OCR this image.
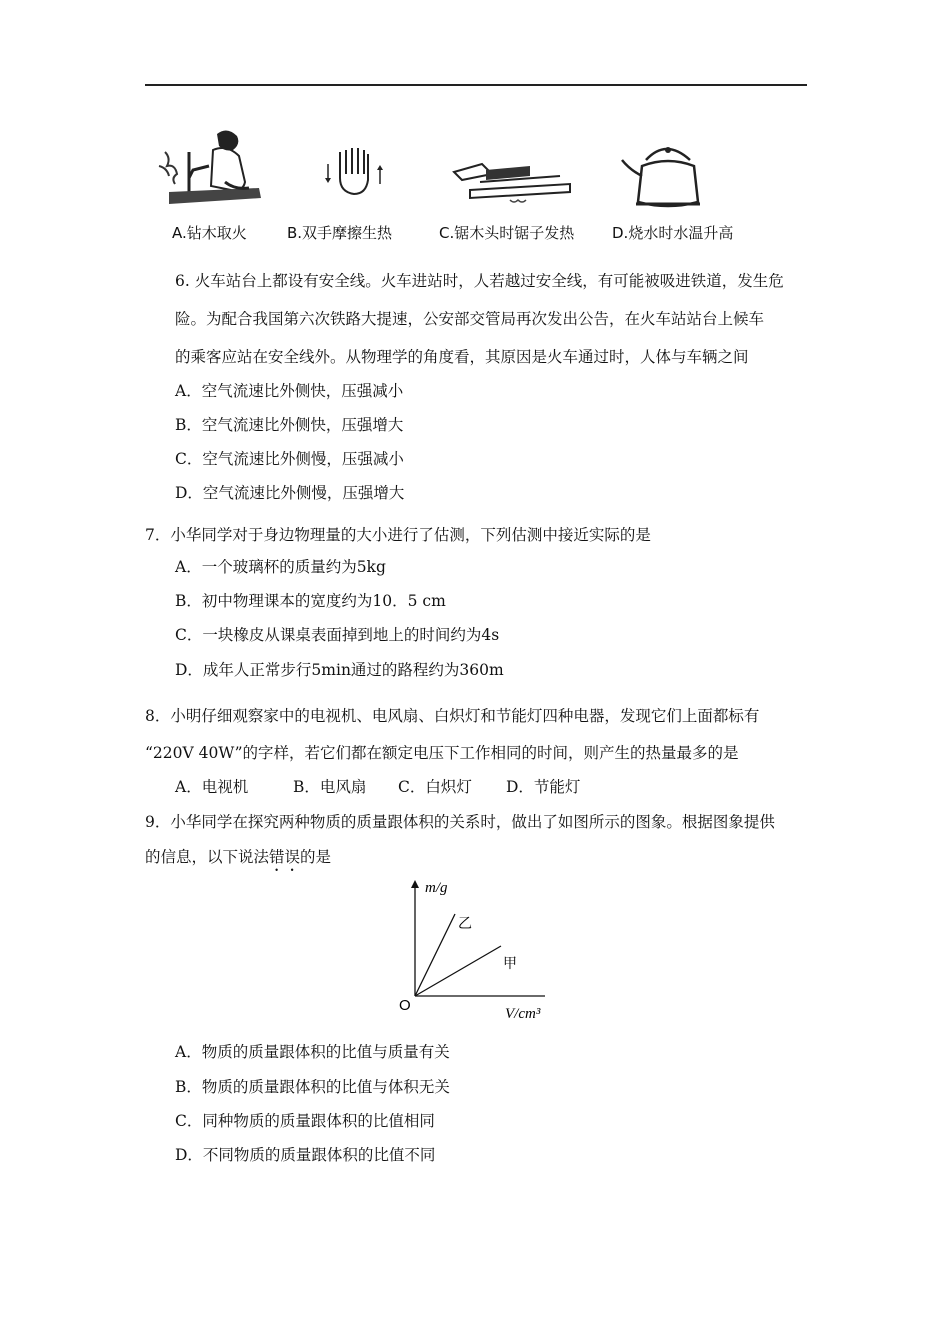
A.钻木取火	B.双手摩擦生热	C.锯木头时锯子发热	D.烧水时水温升高
6. 火车站台上都设有安全线。火车进站时，人若越过安全线，有可能被吸进铁道，发生危
险。为配合我国第六次铁路大提速，公安部交管局再次发出公告，在火车站站台上候车
的乘客应站在安全线外。从物理学的角度看，其原因是火车通过时，人体与车辆之间
A．空气流速比外侧快，压强减小
B．空气流速比外侧快，压强增大
C．空气流速比外侧慢，压强减小
D．空气流速比外侧慢，压强增大
7．小华同学对于身边物理量的大小进行了估测，下列估测中接近实际的是
A．一个玻璃杯的质量约为5kg
B．初中物理课本的宽度约为10．5 cm
C．一块橡皮从课桌表面掉到地上的时间约为4s
D．成年人正常步行5min通过的路程约为360m
8．小明仔细观察家中的电视机、电风扇、白炽灯和节能灯四种电器，发现它们上面都标有
“220V 40W”的字样，若它们都在额定电压下工作相同的时间，则产生的热量最多的是
A．电视机	B．电风扇 C．白炽灯 D．节能灯
9．小华同学在探究两种物质的质量跟体积的关系时，做出了如图所示的图象。根据图象提供
的信息，以下说法错误的是
m/g
乙
甲
O	V/cm³
A．物质的质量跟体积的比值与质量有关
B．物质的质量跟体积的比值与体积无关
C．同种物质的质量跟体积的比值相同
D．不同物质的质量跟体积的比值不同
